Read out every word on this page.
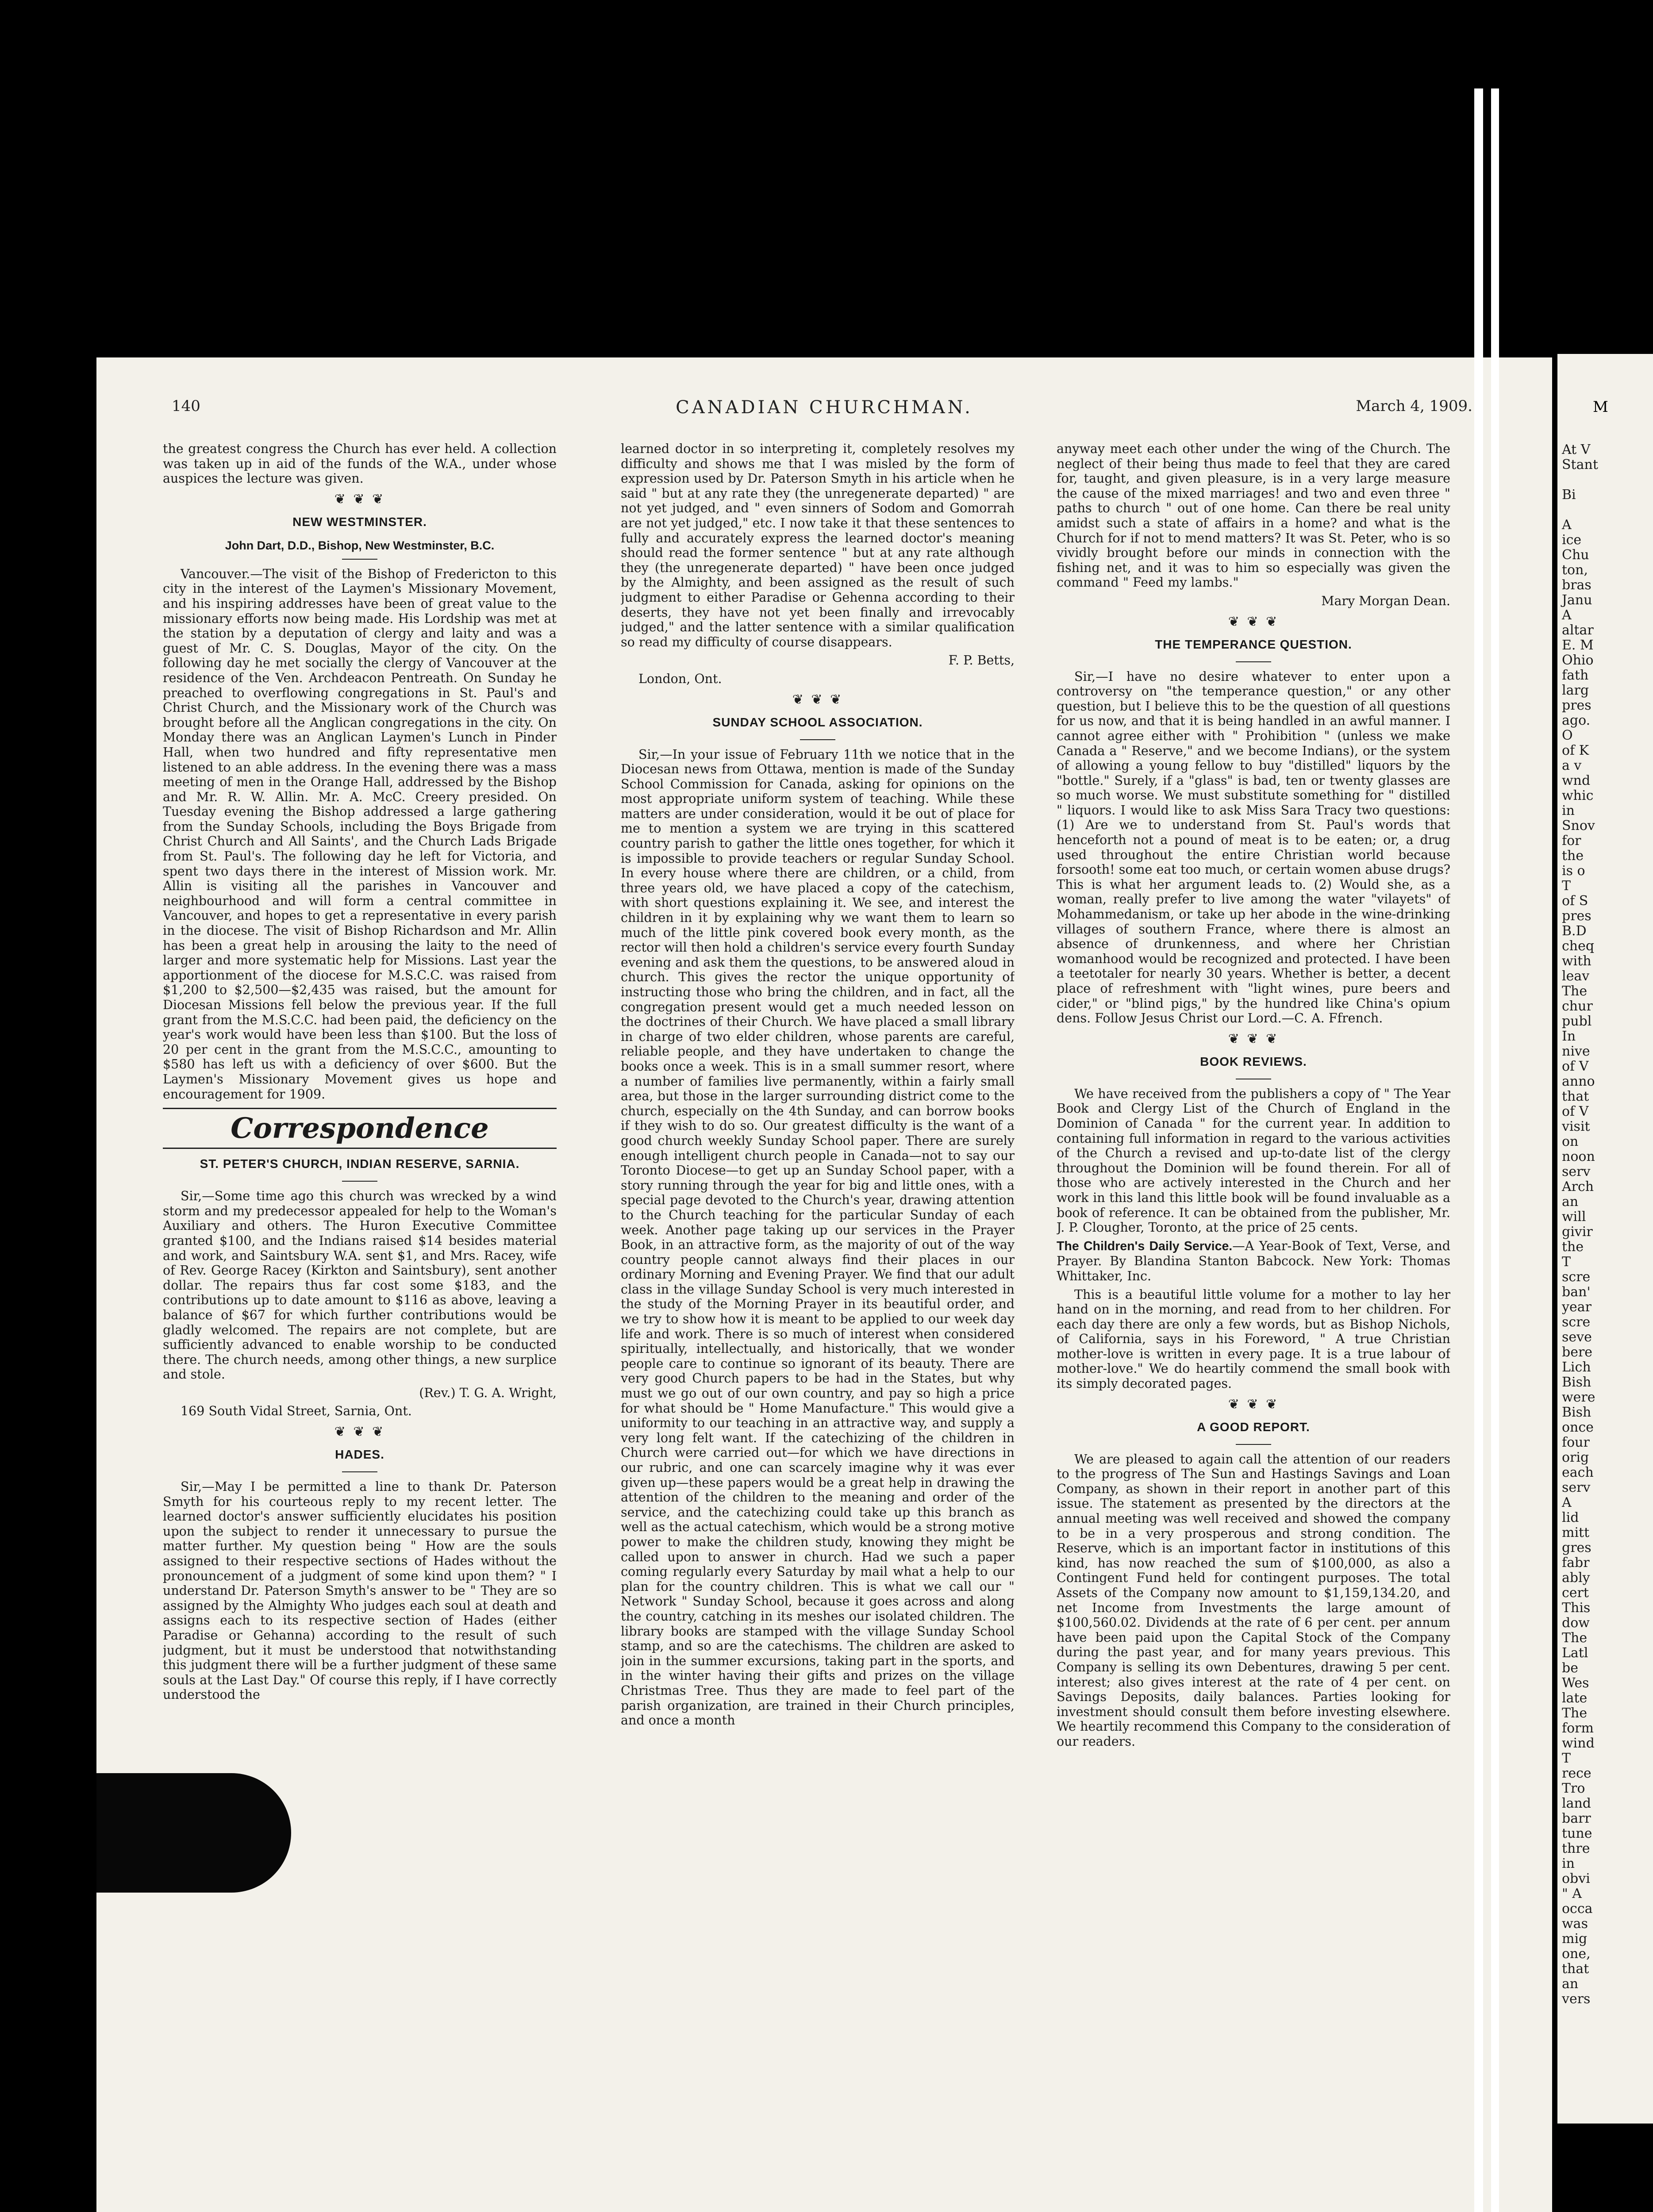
140	CANADIAN CHURCHMAN.	March 4, 1909.

the greatest congress the Church has ever held. A collection was taken up in aid of the funds of the W.A., under whose auspices the lecture was given.

❦ ❦ ❦
NEW WESTMINSTER.
John Dart, D.D., Bishop, New Westminster, B.C.

Vancouver.—The visit of the Bishop of Fredericton to this city in the interest of the Laymen's Missionary Movement, and his inspiring addresses have been of great value to the missionary efforts now being made. His Lordship was met at the station by a deputation of clergy and laity and was a guest of Mr. C. S. Douglas, Mayor of the city. On the following day he met socially the clergy of Vancouver at the residence of the Ven. Archdeacon Pentreath. On Sunday he preached to overflowing congregations in St. Paul's and Christ Church, and the Missionary work of the Church was brought before all the Anglican congregations in the city. On Monday there was an Anglican Laymen's Lunch in Pinder Hall, when two hundred and fifty representative men listened to an able address. In the evening there was a mass meeting of men in the Orange Hall, addressed by the Bishop and Mr. R. W. Allin. Mr. A. McC. Creery presided. On Tuesday evening the Bishop addressed a large gathering from the Sunday Schools, including the Boys Brigade from Christ Church and All Saints', and the Church Lads Brigade from St. Paul's. The following day he left for Victoria, and spent two days there in the interest of Mission work. Mr. Allin is visiting all the parishes in Vancouver and neighbourhood and will form a central committee in Vancouver, and hopes to get a representative in every parish in the diocese. The visit of Bishop Richardson and Mr. Allin has been a great help in arousing the laity to the need of larger and more systematic help for Missions. Last year the apportionment of the diocese for M.S.C.C. was raised from $1,200 to $2,500—$2,435 was raised, but the amount for Diocesan Missions fell below the previous year. If the full grant from the M.S.C.C. had been paid, the deficiency on the year's work would have been less than $100. But the loss of 20 per cent in the grant from the M.S.C.C., amounting to $580 has left us with a deficiency of over $600. But the Laymen's Missionary Movement gives us hope and encouragement for 1909.

Correspondence
ST. PETER'S CHURCH, INDIAN RESERVE, SARNIA.

Sir,—Some time ago this church was wrecked by a wind storm and my predecessor appealed for help to the Woman's Auxiliary and others. The Huron Executive Committee granted $100, and the Indians raised $14 besides material and work, and Saintsbury W.A. sent $1, and Mrs. Racey, wife of Rev. George Racey (Kirkton and Saintsbury), sent another dollar. The repairs thus far cost some $183, and the contributions up to date amount to $116 as above, leaving a balance of $67 for which further contributions would be gladly welcomed. The repairs are not complete, but are sufficiently advanced to enable worship to be conducted there. The church needs, among other things, a new surplice and stole.

(Rev.) T. G. A. Wright,

169 South Vidal Street, Sarnia, Ont.

❦ ❦ ❦
HADES.

Sir,—May I be permitted a line to thank Dr. Paterson Smyth for his courteous reply to my recent letter. The learned doctor's answer sufficiently elucidates his position upon the subject to render it unnecessary to pursue the matter further. My question being " How are the souls assigned to their respective sections of Hades without the pronouncement of a judgment of some kind upon them? " I understand Dr. Paterson Smyth's answer to be " They are so assigned by the Almighty Who judges each soul at death and assigns each to its respective section of Hades (either Paradise or Gehanna) according to the result of such judgment, but it must be understood that notwithstanding this judgment there will be a further judgment of these same souls at the Last Day." Of course this reply, if I have correctly understood the

learned doctor in so interpreting it, completely resolves my difficulty and shows me that I was misled by the form of expression used by Dr. Paterson Smyth in his article when he said " but at any rate they (the unregenerate departed) " are not yet judged, and " even sinners of Sodom and Gomorrah are not yet judged," etc. I now take it that these sentences to fully and accurately express the learned doctor's meaning should read the former sentence " but at any rate although they (the unregenerate departed) " have been once judged by the Almighty, and been assigned as the result of such judgment to either Paradise or Gehenna according to their deserts, they have not yet been finally and irrevocably judged," and the latter sentence with a similar qualification so read my difficulty of course disappears.

F. P. Betts,

London, Ont.

❦ ❦ ❦
SUNDAY SCHOOL ASSOCIATION.

Sir,—In your issue of February 11th we notice that in the Diocesan news from Ottawa, mention is made of the Sunday School Commission for Canada, asking for opinions on the most appropriate uniform system of teaching. While these matters are under consideration, would it be out of place for me to mention a system we are trying in this scattered country parish to gather the little ones together, for which it is impossible to provide teachers or regular Sunday School. In every house where there are children, or a child, from three years old, we have placed a copy of the catechism, with short questions explaining it. We see, and interest the children in it by explaining why we want them to learn so much of the little pink covered book every month, as the rector will then hold a children's service every fourth Sunday evening and ask them the questions, to be answered aloud in church. This gives the rector the unique opportunity of instructing those who bring the children, and in fact, all the congregation present would get a much needed lesson on the doctrines of their Church. We have placed a small library in charge of two elder children, whose parents are careful, reliable people, and they have undertaken to change the books once a week. This is in a small summer resort, where a number of families live permanently, within a fairly small area, but those in the larger surrounding district come to the church, especially on the 4th Sunday, and can borrow books if they wish to do so. Our greatest difficulty is the want of a good church weekly Sunday School paper. There are surely enough intelligent church people in Canada—not to say our Toronto Diocese—to get up an Sunday School paper, with a story running through the year for big and little ones, with a special page devoted to the Church's year, drawing attention to the Church teaching for the particular Sunday of each week. Another page taking up our services in the Prayer Book, in an attractive form, as the majority of out of the way country people cannot always find their places in our ordinary Morning and Evening Prayer. We find that our adult class in the village Sunday School is very much interested in the study of the Morning Prayer in its beautiful order, and we try to show how it is meant to be applied to our week day life and work. There is so much of interest when considered spiritually, intellectually, and historically, that we wonder people care to continue so ignorant of its beauty. There are very good Church papers to be had in the States, but why must we go out of our own country, and pay so high a price for what should be " Home Manufacture." This would give a uniformity to our teaching in an attractive way, and supply a very long felt want. If the catechizing of the children in Church were carried out—for which we have directions in our rubric, and one can scarcely imagine why it was ever given up—these papers would be a great help in drawing the attention of the children to the meaning and order of the service, and the catechizing could take up this branch as well as the actual catechism, which would be a strong motive power to make the children study, knowing they might be called upon to answer in church. Had we such a paper coming regularly every Saturday by mail what a help to our plan for the country children. This is what we call our " Network " Sunday School, because it goes across and along the country, catching in its meshes our isolated children. The library books are stamped with the village Sunday School stamp, and so are the catechisms. The children are asked to join in the summer excursions, taking part in the sports, and in the winter having their gifts and prizes on the village Christmas Tree. Thus they are made to feel part of the parish organization, are trained in their Church principles, and once a month

anyway meet each other under the wing of the Church. The neglect of their being thus made to feel that they are cared for, taught, and given pleasure, is in a very large measure the cause of the mixed marriages! and two and even three " paths to church " out of one home. Can there be real unity amidst such a state of affairs in a home? and what is the Church for if not to mend matters? It was St. Peter, who is so vividly brought before our minds in connection with the fishing net, and it was to him so especially was given the command " Feed my lambs."

Mary Morgan Dean.

❦ ❦ ❦
THE TEMPERANCE QUESTION.

Sir,—I have no desire whatever to enter upon a controversy on "the temperance question," or any other question, but I believe this to be the question of all questions for us now, and that it is being handled in an awful manner. I cannot agree either with " Prohibition " (unless we make Canada a " Reserve," and we become Indians), or the system of allowing a young fellow to buy "distilled" liquors by the "bottle." Surely, if a "glass" is bad, ten or twenty glasses are so much worse. We must substitute something for " distilled " liquors. I would like to ask Miss Sara Tracy two questions: (1) Are we to understand from St. Paul's words that henceforth not a pound of meat is to be eaten; or, a drug used throughout the entire Christian world because forsooth! some eat too much, or certain women abuse drugs? This is what her argument leads to. (2) Would she, as a woman, really prefer to live among the water "vilayets" of Mohammedanism, or take up her abode in the wine-drinking villages of southern France, where there is almost an absence of drunkenness, and where her Christian womanhood would be recognized and protected. I have been a teetotaler for nearly 30 years. Whether is better, a decent place of refreshment with "light wines, pure beers and cider," or "blind pigs," by the hundred like China's opium dens. Follow Jesus Christ our Lord.—C. A. Ffrench.

❦ ❦ ❦
BOOK REVIEWS.

We have received from the publishers a copy of " The Year Book and Clergy List of the Church of England in the Dominion of Canada " for the current year. In addition to containing full information in regard to the various activities of the Church a revised and up-to-date list of the clergy throughout the Dominion will be found therein. For all of those who are actively interested in the Church and her work in this land this little book will be found invaluable as a book of reference. It can be obtained from the publisher, Mr. J. P. Clougher, Toronto, at the price of 25 cents.

The Children's Daily Service.—A Year-Book of Text, Verse, and Prayer. By Blandina Stanton Babcock. New York: Thomas Whittaker, Inc.

This is a beautiful little volume for a mother to lay her hand on in the morning, and read from to her children. For each day there are only a few words, but as Bishop Nichols, of California, says in his Foreword, " A true Christian mother-love is written in every page. It is a true labour of mother-love." We do heartily commend the small book with its simply decorated pages.

❦ ❦ ❦
A GOOD REPORT.

We are pleased to again call the attention of our readers to the progress of The Sun and Hastings Savings and Loan Company, as shown in their report in another part of this issue. The statement as presented by the directors at the annual meeting was well received and showed the company to be in a very prosperous and strong condition. The Reserve, which is an important factor in institutions of this kind, has now reached the sum of $100,000, as also a Contingent Fund held for contingent purposes. The total Assets of the Company now amount to $1,159,134.20, and net Income from Investments the large amount of $100,560.02. Dividends at the rate of 6 per cent. per annum have been paid upon the Capital Stock of the Company during the past year, and for many years previous. This Company is selling its own Debentures, drawing 5 per cent. interest; also gives interest at the rate of 4 per cent. on Savings Deposits, daily balances. Parties looking for investment should consult them before investing elsewhere. We heartily recommend this Company to the consideration of our readers.

M
At V
Stant

Bi

A
ice
Chu
ton,
bras
Janu
A
altar
E. M
Ohio
fath
larg
pres
ago.
O
of K
a v
wnd
whic
in
Snov
for
the
is o
T
of S
pres
B.D
cheq
with
leav
The
chur
publ
In
nive
of V
anno
that
of V
visit
on
noon
serv
Arch
an
will
givir
the
T
scre
ban'
year
scre
seve
bere
Lich
Bish
were
Bish
once
four
orig
each
serv
A
lid
mitt
gres
fabr
ably
cert
This
dow
The
Latl
be
Wes
late
The
form
wind
T
rece
Tro
land
barr
tune
thre
in
obvi
" A
occa
was
mig
one,
that
an
vers
